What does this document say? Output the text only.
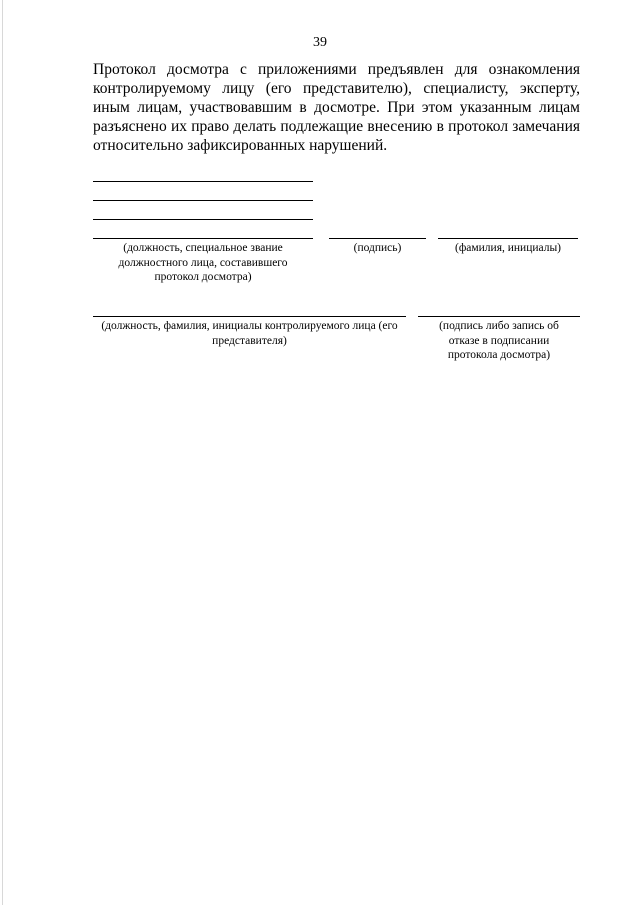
39

Протокол досмотра с приложениями предъявлен для ознакомления контролируемому лицу (его представителю), специалисту, эксперту, иным лицам, участвовавшим в досмотре. При этом указанным лицам разъяснено их право делать подлежащие внесению в протокол замечания относительно зафиксированных нарушений.

(должность, специальное звание должностного лица, составившего протокол досмотра)
(подпись)	(фамилия, инициалы)
(должность, фамилия, инициалы контролируемого лица (его представителя)
(подпись либо запись об отказе в подписании протокола досмотра)
